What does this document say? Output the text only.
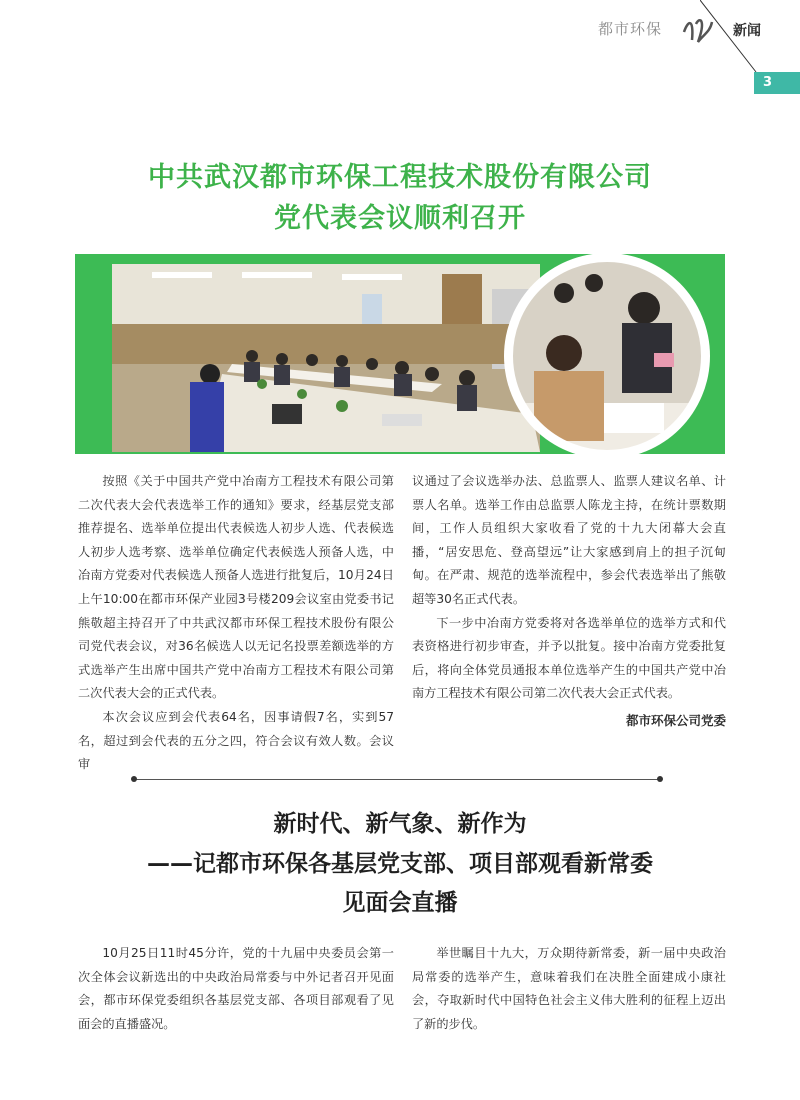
都市环保	新闻
3
中共武汉都市环保工程技术股份有限公司
党代表会议顺利召开

按照《关于中国共产党中冶南方工程技术有限公司第二次代表大会代表选举工作的通知》要求，经基层党支部推荐提名、选举单位提出代表候选人初步人选、代表候选人初步人选考察、选举单位确定代表候选人预备人选，中冶南方党委对代表候选人预备人选进行批复后，10月24日上午10:00在都市环保产业园3号楼209会议室由党委书记熊敬超主持召开了中共武汉都市环保工程技术股份有限公司党代表会议，对36名候选人以无记名投票差额选举的方式选举产生出席中国共产党中冶南方工程技术有限公司第二次代表大会的正式代表。

本次会议应到会代表64名，因事请假7名，实到57名，超过到会代表的五分之四，符合会议有效人数。会议审

议通过了会议选举办法、总监票人、监票人建议名单、计票人名单。选举工作由总监票人陈龙主持，在统计票数期间，工作人员组织大家收看了党的十九大闭幕大会直播，“居安思危、登高望远”让大家感到肩上的担子沉甸甸。在严肃、规范的选举流程中，参会代表选举出了熊敬超等30名正式代表。

下一步中冶南方党委将对各选举单位的选举方式和代表资格进行初步审查，并予以批复。接中冶南方党委批复后，将向全体党员通报本单位选举产生的中国共产党中冶南方工程技术有限公司第二次代表大会正式代表。

都市环保公司党委
新时代、新气象、新作为
——记都市环保各基层党支部、项目部观看新常委
见面会直播

10月25日11时45分许，党的十九届中央委员会第一次全体会议新选出的中央政治局常委与中外记者召开见面会，都市环保党委组织各基层党支部、各项目部观看了见面会的直播盛况。

举世瞩目十九大，万众期待新常委，新一届中央政治局常委的选举产生，意味着我们在决胜全面建成小康社会，夺取新时代中国特色社会主义伟大胜利的征程上迈出了新的步伐。
